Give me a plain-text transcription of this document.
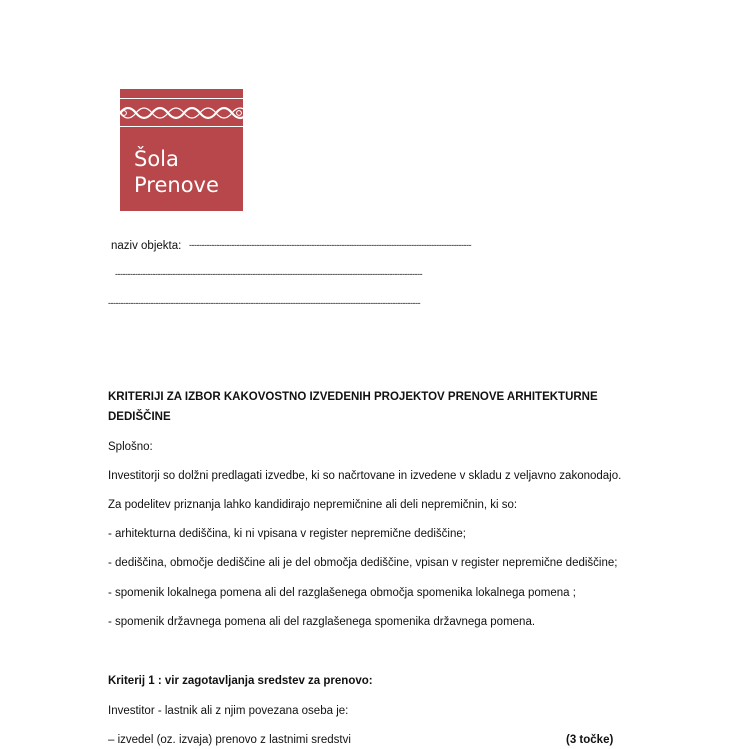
Šola
Prenove
naziv objekta: -----------------------------------------------------------------------------------------------------------------
---------------------------------------------------------------------------------------------------------------------------
-----------------------------------------------------------------------------------------------------------------------------
KRITERIJI ZA IZBOR KAKOVOSTNO IZVEDENIH PROJEKTOV PRENOVE ARHITEKTURNE
DEDIŠČINE
Splošno:
Investitorji so dolžni predlagati izvedbe, ki so načrtovane in izvedene v skladu z veljavno zakonodajo.
Za podelitev priznanja lahko kandidirajo nepremičnine ali deli nepremičnin, ki so:
- arhitekturna dediščina, ki ni vpisana v register nepremične dediščine;
- dediščina, območje dediščine ali je del območja dediščine, vpisan v register nepremične dediščine;
- spomenik lokalnega pomena ali del razglašenega območja spomenika lokalnega pomena ;
- spomenik državnega pomena ali del razglašenega spomenika državnega pomena.
Kriterij 1 : vir zagotavljanja sredstev za prenovo:
Investitor - lastnik ali z njim povezana oseba je:
– izvedel (oz. izvaja) prenovo z lastnimi sredstvi	(3 točke)
